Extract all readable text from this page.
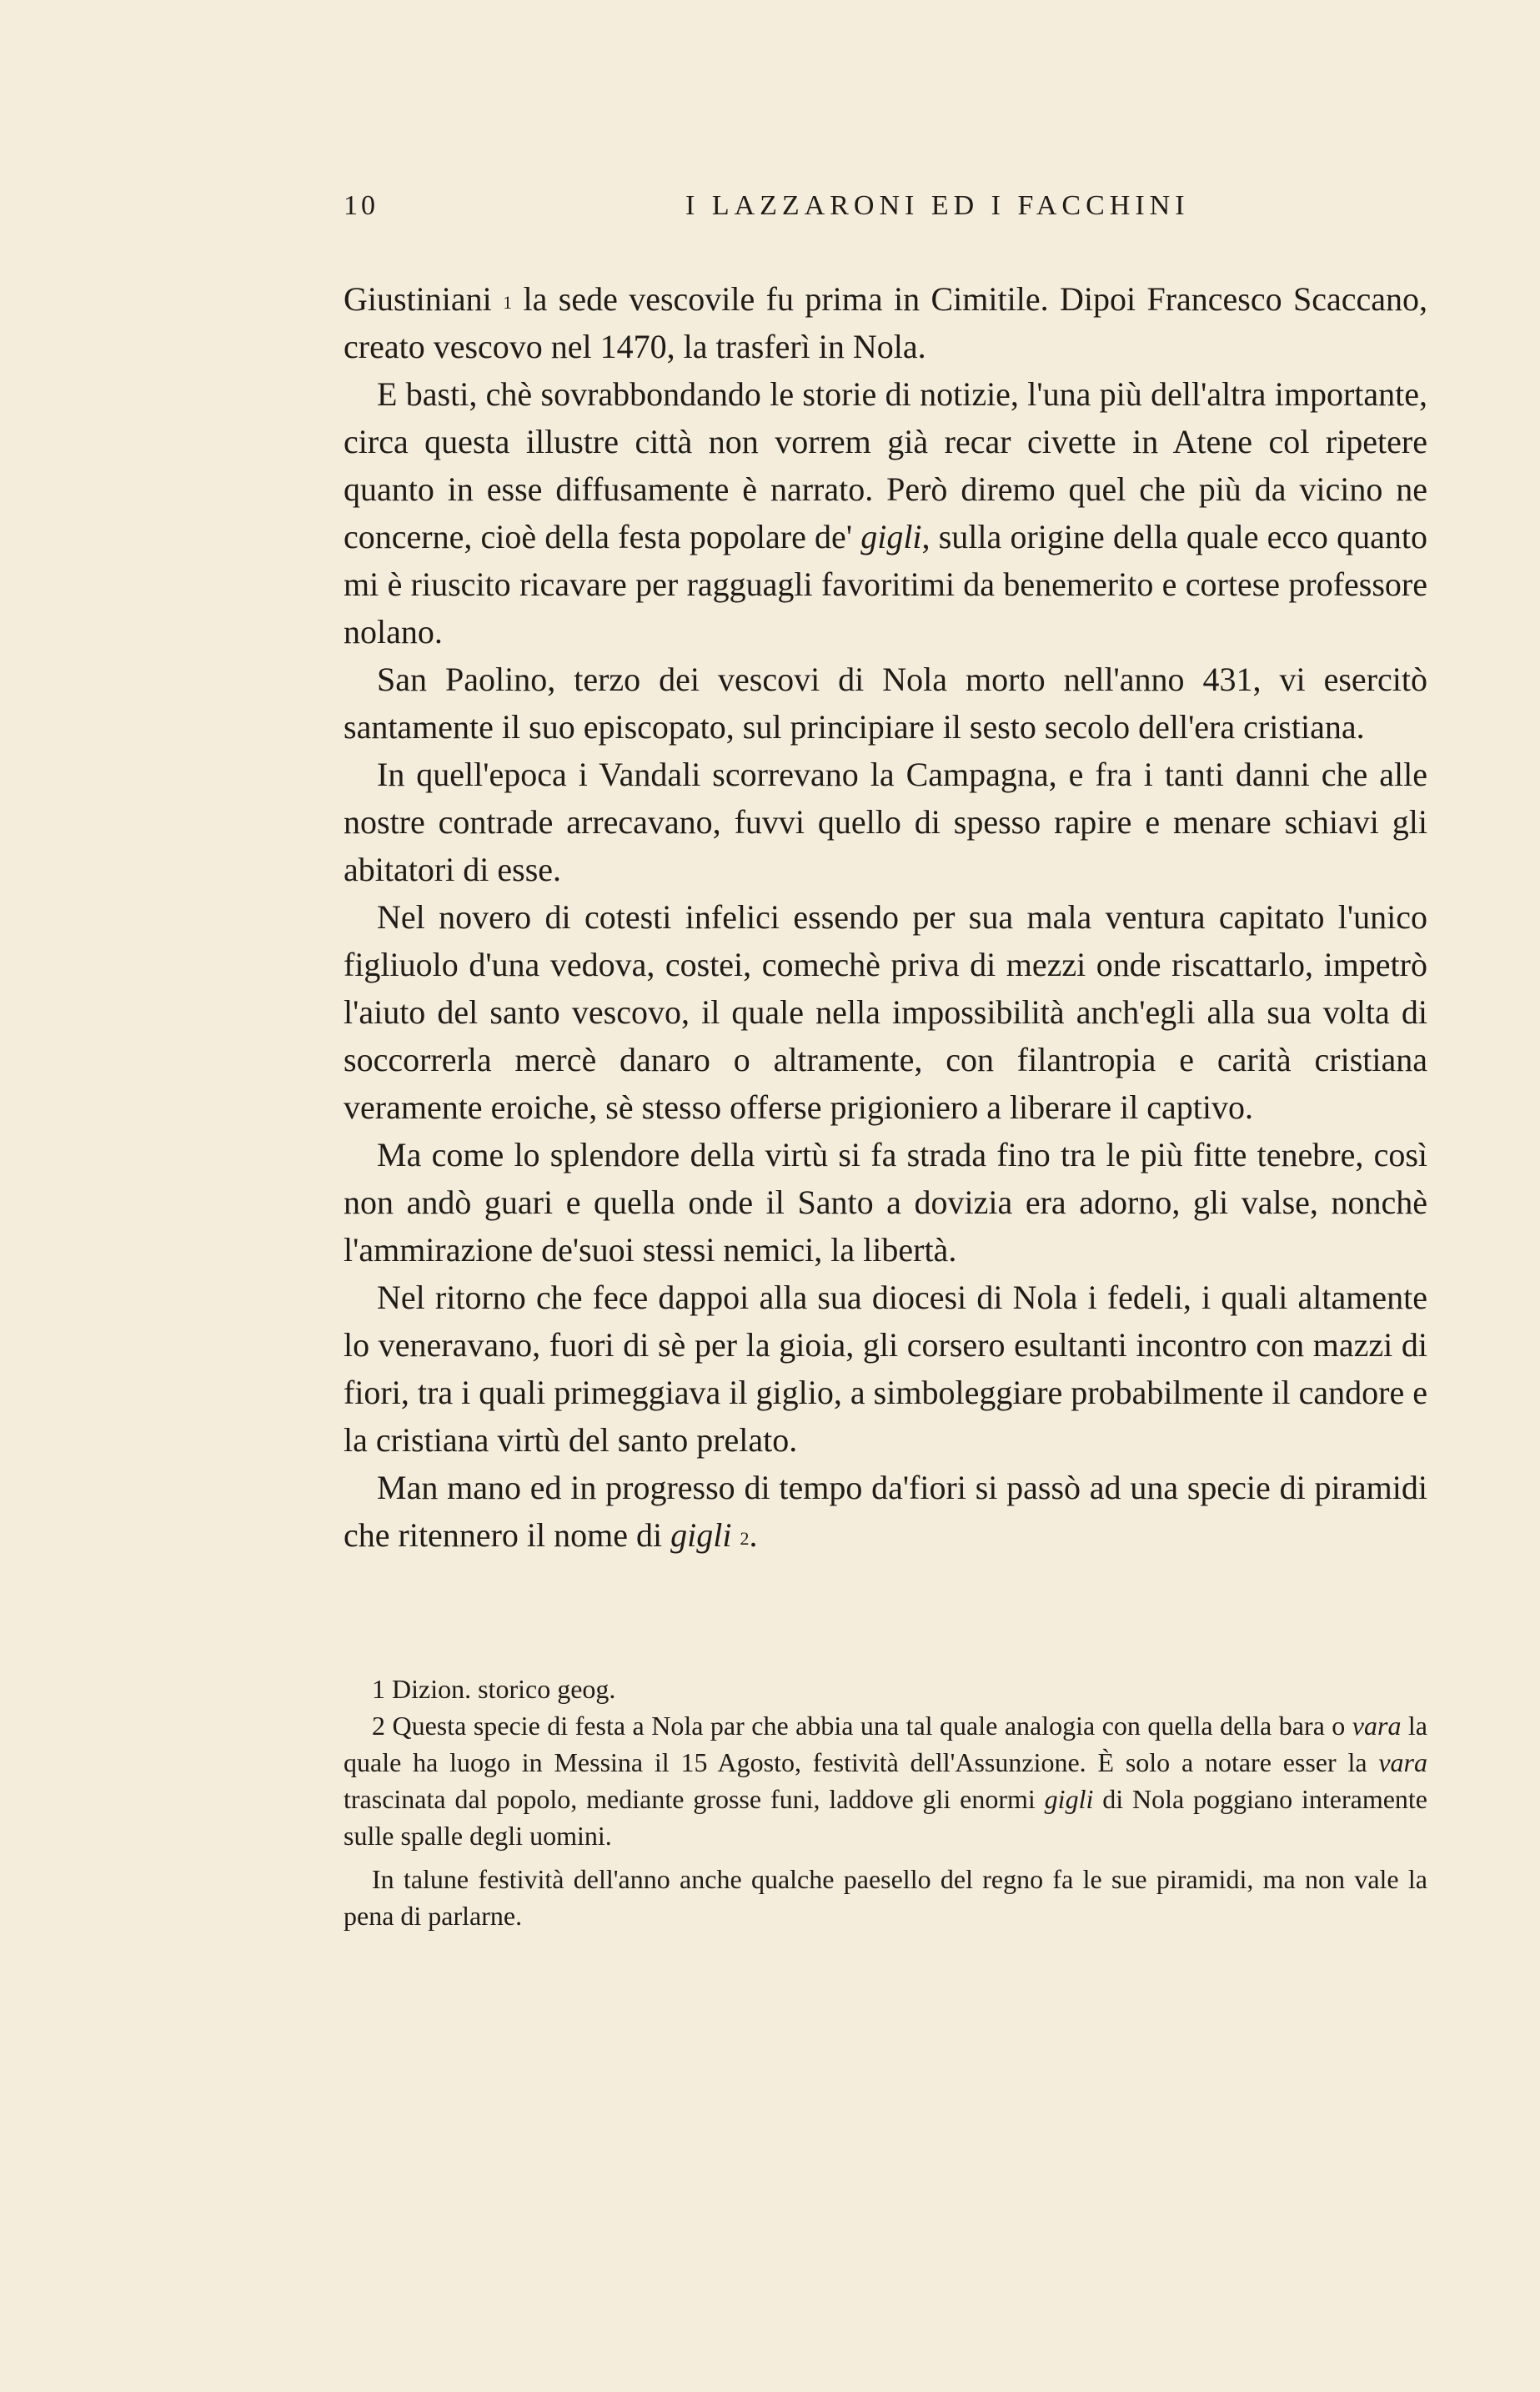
10	I LAZZARONI ED I FACCHINI

Giustiniani $^1$ la sede vescovile fu prima in Cimitile. Dipoi Francesco Scaccano, creato vescovo nel 1470, la trasferì in Nola.

E basti, chè sovrabbondando le storie di notizie, l'una più dell'altra importante, circa questa illustre città non vorrem già recar civette in Atene col ripetere quanto in esse diffusamente è narrato. Però diremo quel che più da vicino ne concerne, cioè della festa popolare de' gigli, sulla origine della quale ecco quanto mi è riuscito ricavare per ragguagli favoritimi da benemerito e cortese professore nolano.

San Paolino, terzo dei vescovi di Nola morto nell'anno 431, vi esercitò santamente il suo episcopato, sul principiare il sesto secolo dell'era cristiana.

In quell'epoca i Vandali scorrevano la Campagna, e fra i tanti danni che alle nostre contrade arrecavano, fuvvi quello di spesso rapire e menare schiavi gli abitatori di esse.

Nel novero di cotesti infelici essendo per sua mala ventura capitato l'unico figliuolo d'una vedova, costei, comechè priva di mezzi onde riscattarlo, impetrò l'aiuto del santo vescovo, il quale nella impossibilità anch'egli alla sua volta di soccorrerla mercè danaro o altramente, con filantropia e carità cristiana veramente eroiche, sè stesso offerse prigioniero a liberare il captivo.

Ma come lo splendore della virtù si fa strada fino tra le più fitte tenebre, così non andò guari e quella onde il Santo a dovizia era adorno, gli valse, nonchè l'ammirazione de'suoi stessi nemici, la libertà.

Nel ritorno che fece dappoi alla sua diocesi di Nola i fedeli, i quali altamente lo veneravano, fuori di sè per la gioia, gli corsero esultanti incontro con mazzi di fiori, tra i quali primeggiava il giglio, a simboleggiare probabilmente il candore e la cristiana virtù del santo prelato.

Man mano ed in progresso di tempo da'fiori si passò ad una specie di piramidi che ritennero il nome di gigli $^2$.

1 Dizion. storico geog.

2 Questa specie di festa a Nola par che abbia una tal quale analogia con quella della bara o vara la quale ha luogo in Messina il 15 Agosto, festività dell'Assunzione. È solo a notare esser la vara trascinata dal popolo, mediante grosse funi, laddove gli enormi gigli di Nola poggiano interamente sulle spalle degli uomini.

In talune festività dell'anno anche qualche paesello del regno fa le sue piramidi, ma non vale la pena di parlarne.
